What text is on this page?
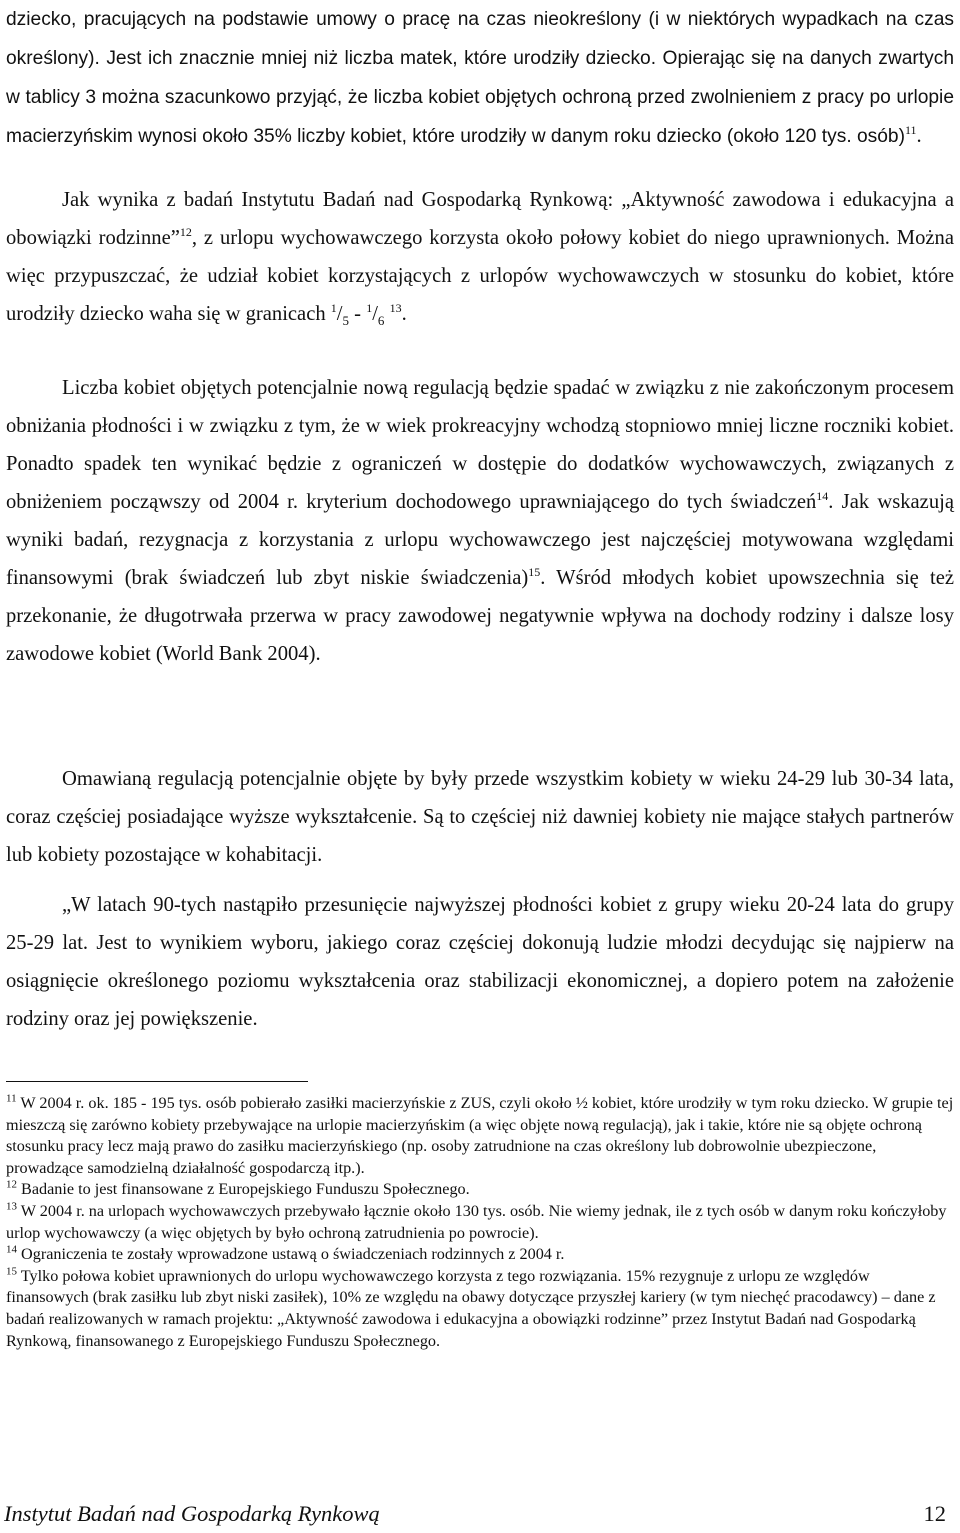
dziecko, pracujących na podstawie umowy o pracę na czas nieokreślony (i w niektórych wypadkach na czas określony). Jest ich znacznie mniej niż liczba matek, które urodziły dziecko. Opierając się na danych zwartych w tablicy 3 można szacunkowo przyjąć, że liczba kobiet objętych ochroną przed zwolnieniem z pracy po urlopie macierzyńskim wynosi około 35% liczby kobiet, które urodziły w danym roku dziecko (około 120 tys. osób)$^{11}$.

Jak wynika z badań Instytutu Badań nad Gospodarką Rynkową: „Aktywność zawodowa i edukacyjna a obowiązki rodzinne”$^{12}$, z urlopu wychowawczego korzysta około połowy kobiet do niego uprawnionych. Można więc przypuszczać, że udział kobiet korzystających z urlopów wychowawczych w stosunku do kobiet, które urodziły dziecko waha się w granicach $^1/_5 - ^1/_6$ $^{13}$.

Liczba kobiet objętych potencjalnie nową regulacją będzie spadać w związku z nie zakończonym procesem obniżania płodności i w związku z tym, że w wiek prokreacyjny wchodzą stopniowo mniej liczne roczniki kobiet. Ponadto spadek ten wynikać będzie z ograniczeń w dostępie do dodatków wychowawczych, związanych z obniżeniem począwszy od 2004 r. kryterium dochodowego uprawniającego do tych świadczeń$^{14}$. Jak wskazują wyniki badań, rezygnacja z korzystania z urlopu wychowawczego jest najczęściej motywowana względami finansowymi (brak świadczeń lub zbyt niskie świadczenia)$^{15}$. Wśród młodych kobiet upowszechnia się też przekonanie, że długotrwała przerwa w pracy zawodowej negatywnie wpływa na dochody rodziny i dalsze losy zawodowe kobiet (World Bank 2004).

Omawianą regulacją potencjalnie objęte by były przede wszystkim kobiety w wieku 24-29 lub 30-34 lata, coraz częściej posiadające wyższe wykształcenie. Są to częściej niż dawniej kobiety nie mające stałych partnerów lub kobiety pozostające w kohabitacji.

„W latach 90-tych nastąpiło przesunięcie najwyższej płodności kobiet z grupy wieku 20-24 lata do grupy 25-29 lat. Jest to wynikiem wyboru, jakiego coraz częściej dokonują ludzie młodzi decydując się najpierw na osiągnięcie określonego poziomu wykształcenia oraz stabilizacji ekonomicznej, a dopiero potem na założenie rodziny oraz jej powiększenie.

$^{11}$ W 2004 r. ok. 185 - 195 tys. osób pobierało zasiłki macierzyńskie z ZUS, czyli około ½ kobiet, które urodziły w tym roku dziecko. W grupie tej mieszczą się zarówno kobiety przebywające na urlopie macierzyńskim (a więc objęte nową regulacją), jak i takie, które nie są objęte ochroną stosunku pracy lecz mają prawo do zasiłku macierzyńskiego (np. osoby zatrudnione na czas określony lub dobrowolnie ubezpieczone, prowadzące samodzielną działalność gospodarczą itp.).

$^{12}$ Badanie to jest finansowane z Europejskiego Funduszu Społecznego.

$^{13}$ W 2004 r. na urlopach wychowawczych przebywało łącznie około 130 tys. osób. Nie wiemy jednak, ile z tych osób w danym roku kończyłoby urlop wychowawczy (a więc objętych by było ochroną zatrudnienia po powrocie).

$^{14}$ Ograniczenia te zostały wprowadzone ustawą o świadczeniach rodzinnych z 2004 r.

$^{15}$ Tylko połowa kobiet uprawnionych do urlopu wychowawczego korzysta z tego rozwiązania. 15% rezygnuje z urlopu ze względów finansowych (brak zasiłku lub zbyt niski zasiłek), 10% ze względu na obawy dotyczące przyszłej kariery (w tym niechęć pracodawcy) – dane z badań realizowanych w ramach projektu: „Aktywność zawodowa i edukacyjna a obowiązki rodzinne” przez Instytut Badań nad Gospodarką Rynkową, finansowanego z Europejskiego Funduszu Społecznego.

Instytut Badań nad Gospodarką Rynkową	12
